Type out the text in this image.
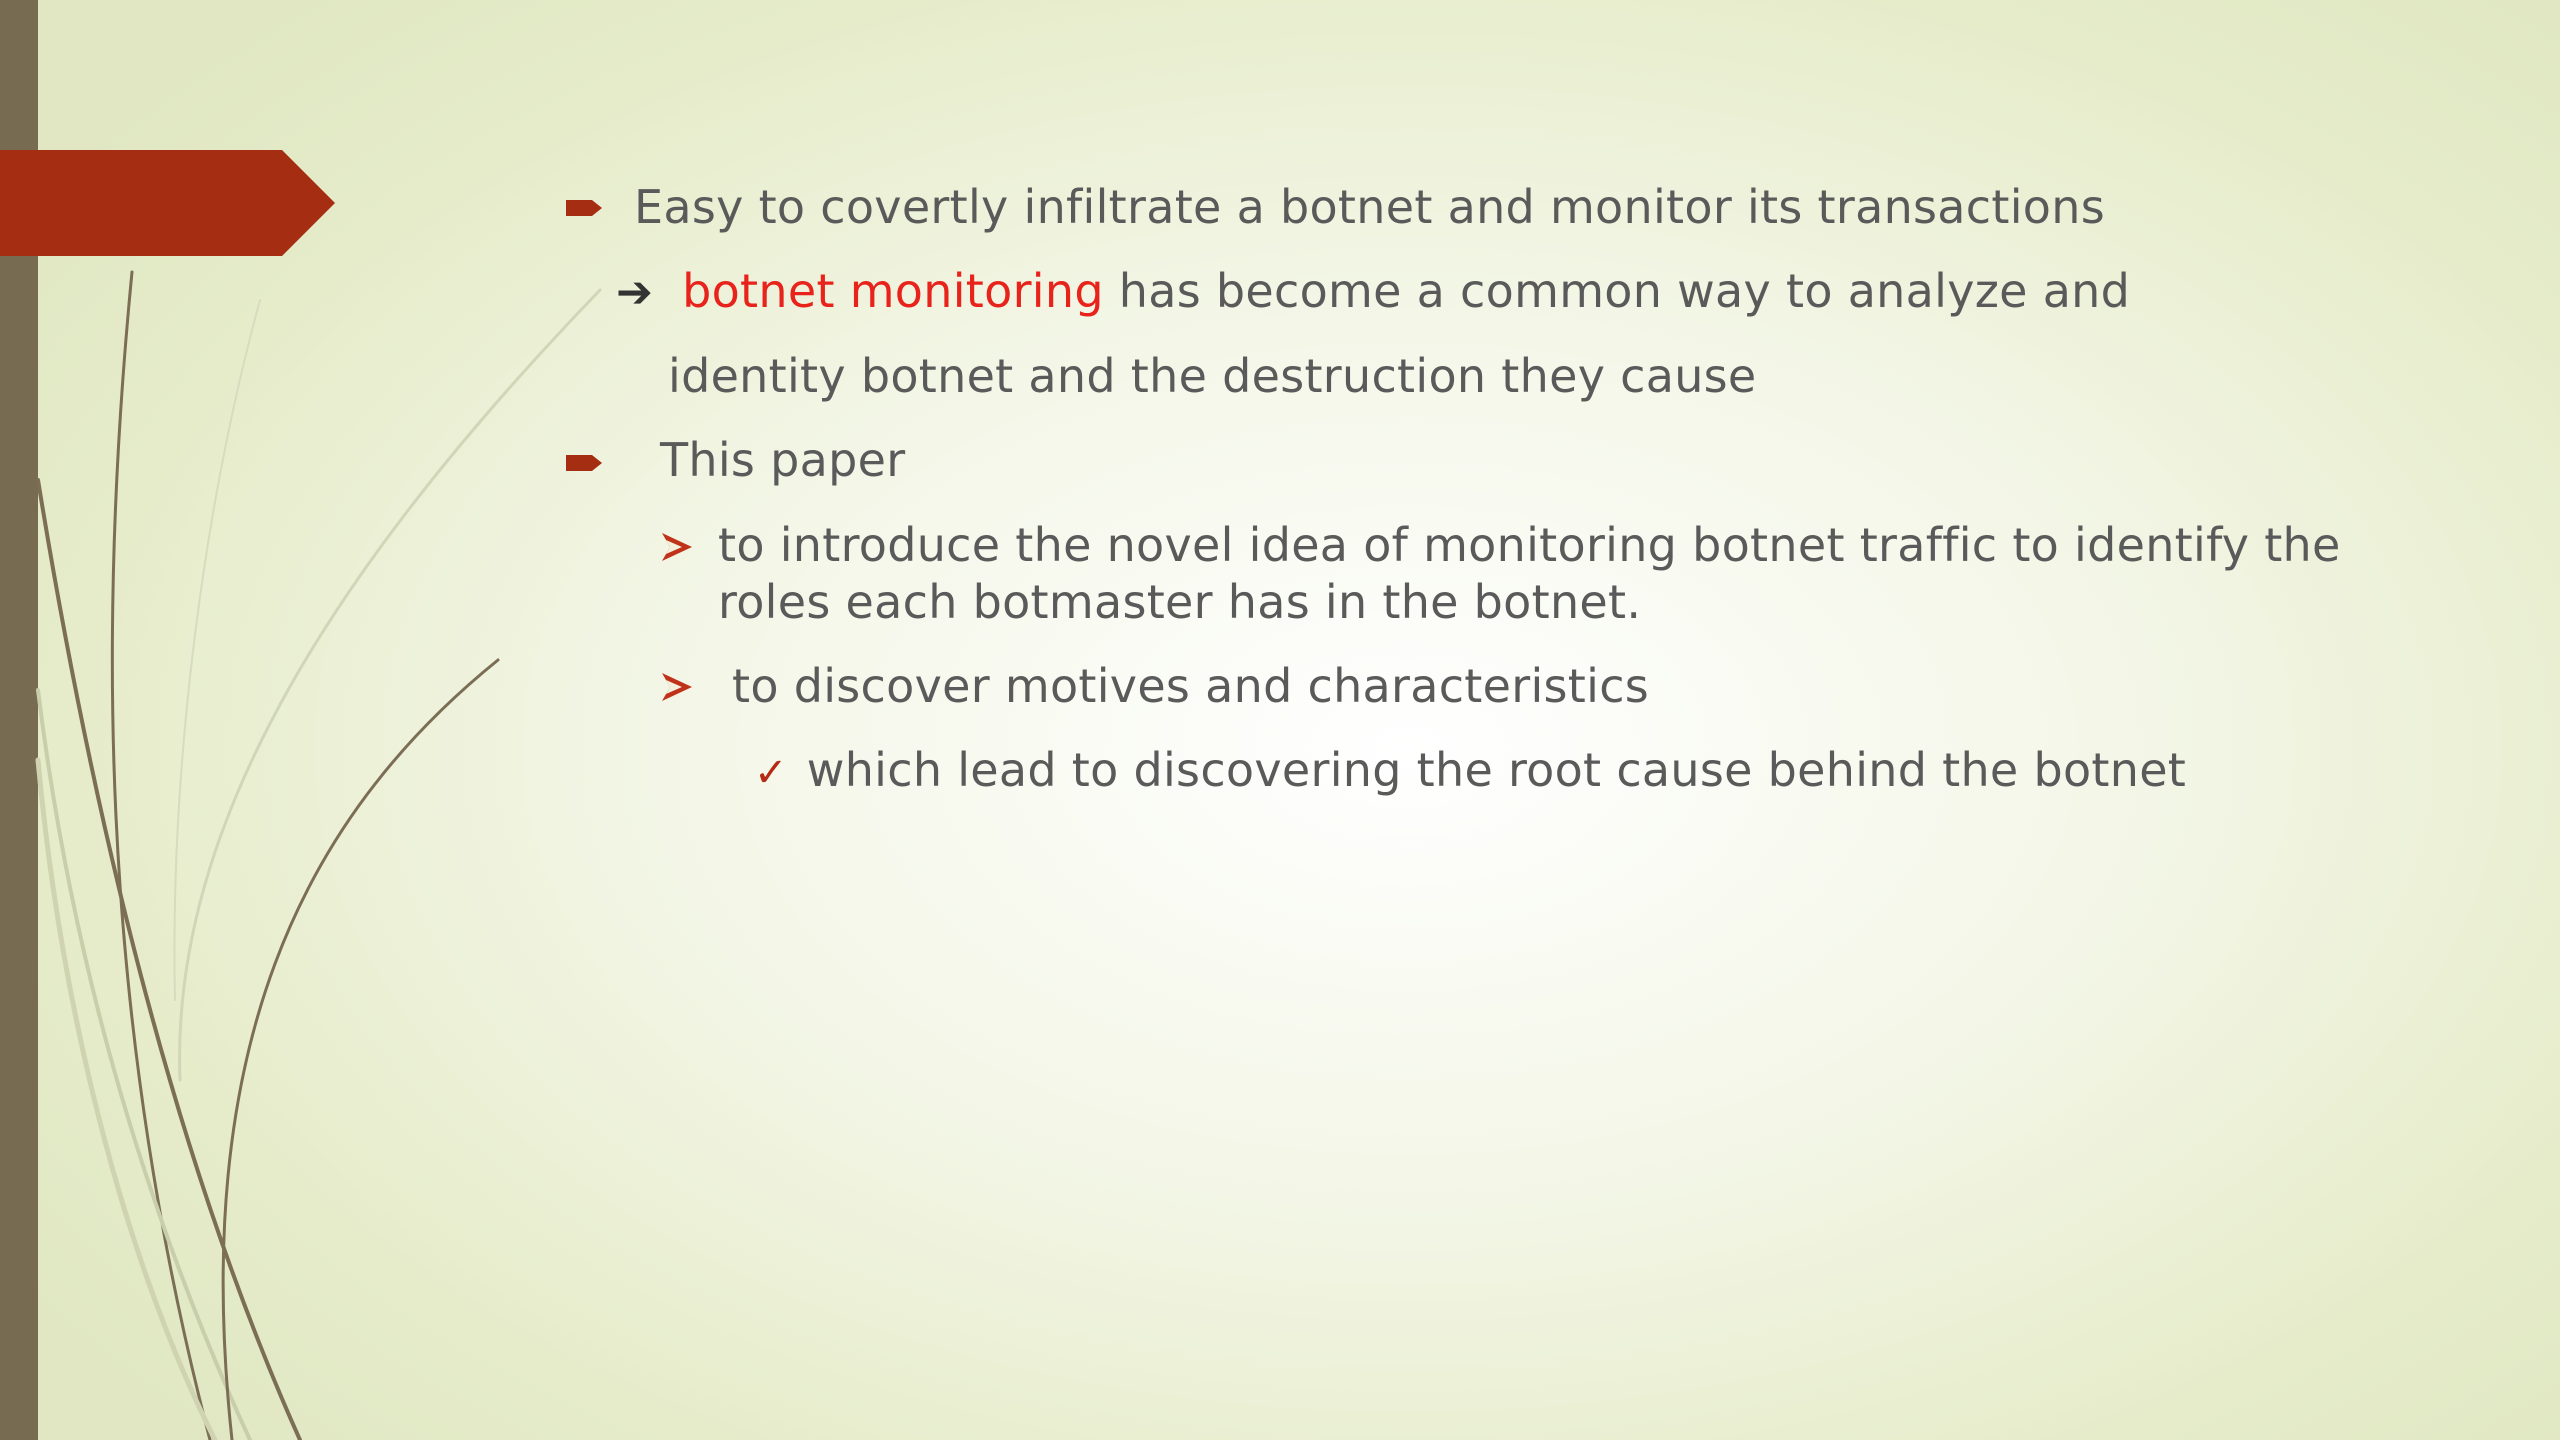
Easy to covertly infiltrate a botnet and monitor its transactions
➔ botnet monitoring has become a common way to analyze and
identity botnet and the destruction they cause
This paper
to introduce the novel idea of monitoring botnet traffic to identify the
roles each botmaster has in the botnet.
to discover motives and characteristics
✓ which lead to discovering the root cause behind the botnet
